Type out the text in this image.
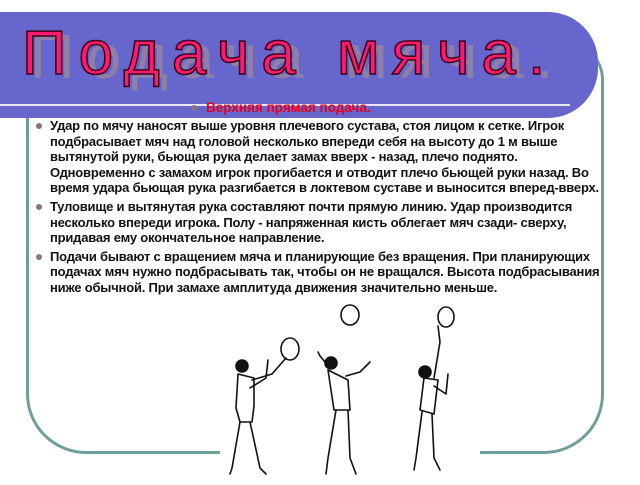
Подача мяча.
Верхняя прямая подача.
Удар по мячу наносят выше уровня плечевого сустава, стоя лицом к сетке. Игрок подбрасывает мяч над головой несколько впереди себя на высоту до 1 м выше вытянутой руки, бьющая рука делает замах вверх - назад, плечо поднято. Одновременно с замахом игрок прогибается и отводит плечо бьющей руки назад. Во время удара бьющая рука разгибается в локтевом суставе и выносится вперед-вверх.
Туловище и вытянутая рука составляют почти прямую линию. Удар производится несколько впереди игрока. Полу - напряженная кисть облегает мяч сзади- сверху, придавая ему окончательное направление.
Подачи бывают с вращением мяча и планирующие без вращения. При планирующих подачах мяч нужно подбрасывать так, чтобы он не вращался. Высота подбрасывания ниже обычной. При замахе амплитуда движения значительно меньше.
